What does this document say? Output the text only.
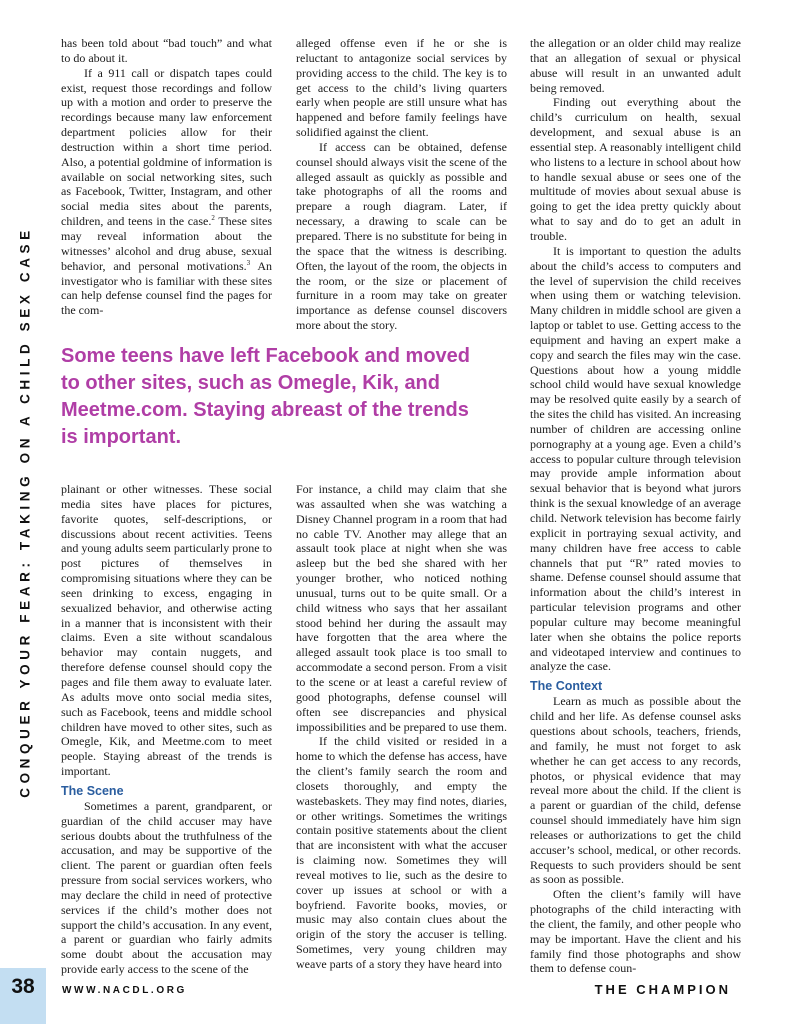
CONQUER YOUR FEAR: TAKING ON A CHILD SEX CASE

has been told about “bad touch” and what to do about it.

If a 911 call or dispatch tapes could exist, request those recordings and follow up with a motion and order to preserve the recordings because many law enforcement department policies allow for their destruction within a short time period. Also, a potential goldmine of information is available on social networking sites, such as Facebook, Twitter, Instagram, and other social media sites about the parents, children, and teens in the case.$^2$ These sites may reveal information about the witnesses’ alcohol and drug abuse, sexual behavior, and personal motivations.$^3$ An investigator who is familiar with these sites can help defense counsel find the pages for the com-

alleged offense even if he or she is reluctant to antagonize social services by providing access to the child. The key is to get access to the child’s living quarters early when people are still unsure what has happened and before family feelings have solidified against the client.

If access can be obtained, defense counsel should always visit the scene of the alleged assault as quickly as possible and take photographs of all the rooms and prepare a rough diagram. Later, if necessary, a drawing to scale can be prepared. There is no substitute for being in the space that the witness is describing. Often, the layout of the room, the objects in the room, or the size or placement of furniture in a room may take on greater importance as defense counsel discovers more about the story.

Some teens have left Facebook and moved to other sites, such as Omegle, Kik, and Meetme.com. Staying abreast of the trends is important.

plainant or other witnesses. These social media sites have places for pictures, favorite quotes, self-descriptions, or discussions about recent activities. Teens and young adults seem particularly prone to post pictures of themselves in compromising situations where they can be seen drinking to excess, engaging in sexualized behavior, and otherwise acting in a manner that is inconsistent with their claims. Even a site without scandalous behavior may contain nuggets, and therefore defense counsel should copy the pages and file them away to evaluate later. As adults move onto social media sites, such as Facebook, teens and middle school children have moved to other sites, such as Omegle, Kik, and Meetme.com to meet people. Staying abreast of the trends is important.

The Scene

Sometimes a parent, grandparent, or guardian of the child accuser may have serious doubts about the truthfulness of the accusation, and may be supportive of the client. The parent or guardian often feels pressure from social services workers, who may declare the child in need of protective services if the child’s mother does not support the child’s accusation. In any event, a parent or guardian who fairly admits some doubt about the accusation may provide early access to the scene of the

For instance, a child may claim that she was assaulted when she was watching a Disney Channel program in a room that had no cable TV. Another may allege that an assault took place at night when she was asleep but the bed she shared with her younger brother, who noticed nothing unusual, turns out to be quite small. Or a child witness who says that her assailant stood behind her during the assault may have forgotten that the area where the alleged assault took place is too small to accommodate a second person. From a visit to the scene or at least a careful review of good photographs, defense counsel will often see discrepancies and physical impossibilities and be prepared to use them.

If the child visited or resided in a home to which the defense has access, have the client’s family search the room and closets thoroughly, and empty the wastebaskets. They may find notes, diaries, or other writings. Sometimes the writings contain positive statements about the client that are inconsistent with what the accuser is claiming now. Sometimes they will reveal motives to lie, such as the desire to cover up issues at school or with a boyfriend. Favorite books, movies, or music may also contain clues about the origin of the story the accuser is telling. Sometimes, very young children may weave parts of a story they have heard into

the allegation or an older child may realize that an allegation of sexual or physical abuse will result in an unwanted adult being removed.

Finding out everything about the child’s curriculum on health, sexual development, and sexual abuse is an essential step. A reasonably intelligent child who listens to a lecture in school about how to handle sexual abuse or sees one of the multitude of movies about sexual abuse is going to get the idea pretty quickly about what to say and do to get an adult in trouble.

It is important to question the adults about the child’s access to computers and the level of supervision the child receives when using them or watching television. Many children in middle school are given a laptop or tablet to use. Getting access to the equipment and having an expert make a copy and search the files may win the case. Questions about how a young middle school child would have sexual knowledge may be resolved quite easily by a search of the sites the child has visited. An increasing number of children are accessing online pornography at a young age. Even a child’s access to popular culture through television may provide ample information about sexual behavior that is beyond what jurors think is the sexual knowledge of an average child. Network television has become fairly explicit in portraying sexual activity, and many children have free access to cable channels that put “R” rated movies to shame. Defense counsel should assume that information about the child’s interest in particular television programs and other popular culture may become meaningful later when she obtains the police reports and videotaped interview and continues to analyze the case.

The Context

Learn as much as possible about the child and her life. As defense counsel asks questions about schools, teachers, friends, and family, he must not forget to ask whether he can get access to any records, photos, or physical evidence that may reveal more about the child. If the client is a parent or guardian of the child, defense counsel should immediately have him sign releases or authorizations to get the child accuser’s school, medical, or other records. Requests to such providers should be sent as soon as possible.

Often the client’s family will have photographs of the child interacting with the client, the family, and other people who may be important. Have the client and his family find those photographs and show them to defense coun-

38	WWW.NACDL.ORG	THE CHAMPION
